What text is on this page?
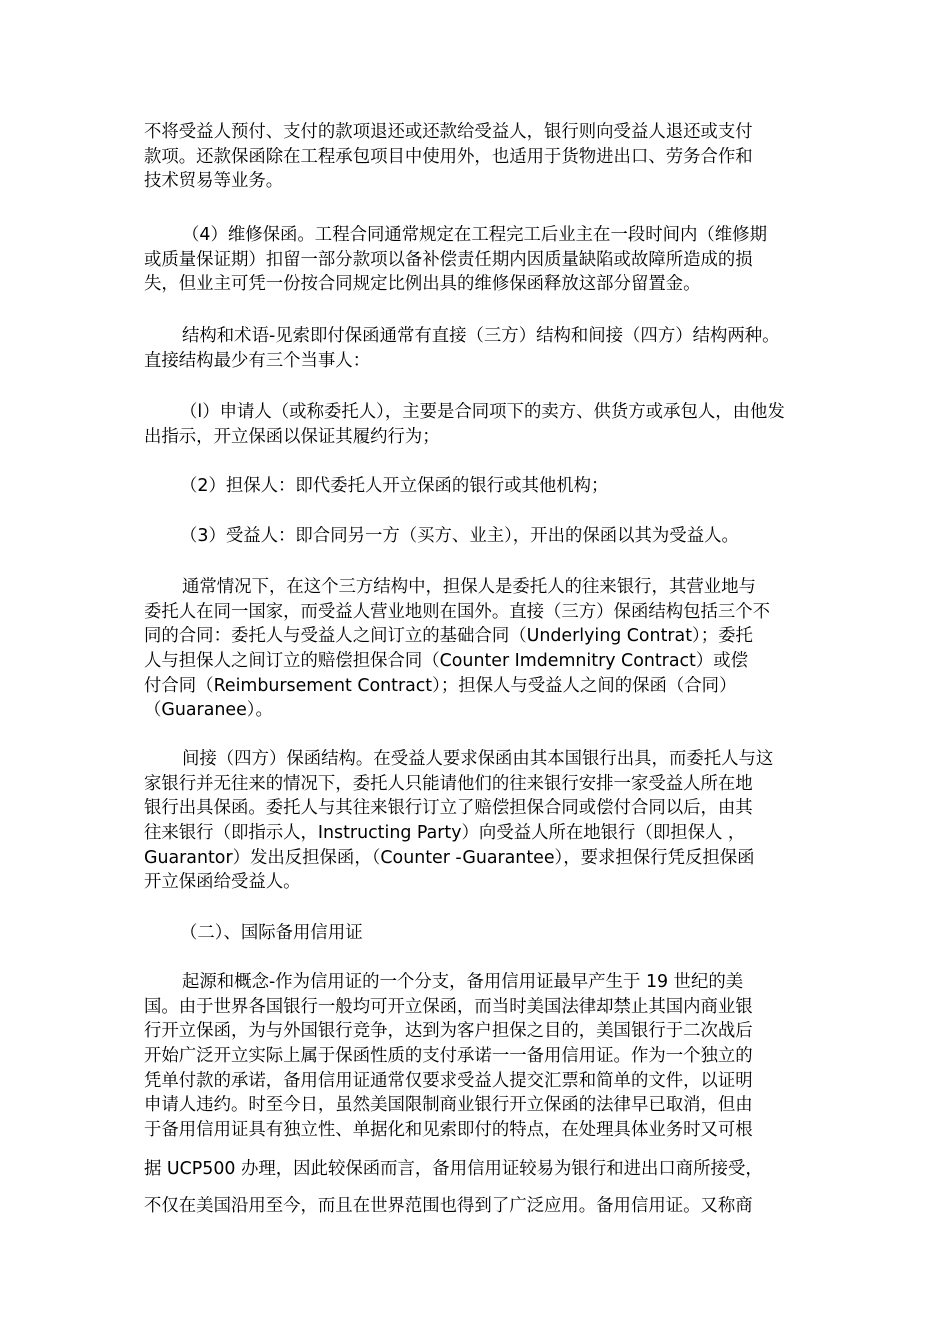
不将受益人预付、支付的款项退还或还款给受益人，银行则向受益人退还或支付
款项。还款保函除在工程承包项目中使用外，也适用于货物进出口、劳务合作和
技术贸易等业务。
（4）维修保函。工程合同通常规定在工程完工后业主在一段时间内（维修期
或质量保证期）扣留一部分款项以备补偿责任期内因质量缺陷或故障所造成的损
失，但业主可凭一份按合同规定比例出具的维修保函释放这部分留置金。
结构和术语-见索即付保函通常有直接（三方）结构和间接（四方）结构两种。
直接结构最少有三个当事人：
（l）申请人（或称委托人），主要是合同项下的卖方、供货方或承包人，由他发
出指示，开立保函以保证其履约行为；
（2）担保人：即代委托人开立保函的银行或其他机构；
（3）受益人：即合同另一方（买方、业主），开出的保函以其为受益人。
通常情况下，在这个三方结构中，担保人是委托人的往来银行，其营业地与
委托人在同一国家，而受益人营业地则在国外。直接（三方）保函结构包括三个不
同的合同：委托人与受益人之间订立的基础合同（Underlying Contrat）；委托
人与担保人之间订立的赔偿担保合同（Counter Imdemnitry Contract）或偿
付合同（Reimbursement Contract）；担保人与受益人之间的保函（合同）
（Guaranee）。
间接（四方）保函结构。在受益人要求保函由其本国银行出具，而委托人与这
家银行并无往来的情况下，委托人只能请他们的往来银行安排一家受益人所在地
银行出具保函。委托人与其往来银行订立了赔偿担保合同或偿付合同以后，由其
往来银行（即指示人，Instructing Party）向受益人所在地银行（即担保人 ，
Guarantor）发出反担保函，（Counter -Guarantee），要求担保行凭反担保函
开立保函给受益人。
（二）、国际备用信用证
起源和概念-作为信用证的一个分支，备用信用证最早产生于 19 世纪的美
国。由于世界各国银行一般均可开立保函，而当时美国法律却禁止其国内商业银
行开立保函，为与外国银行竞争，达到为客户担保之目的，美国银行于二次战后
开始广泛开立实际上属于保函性质的支付承诺一一备用信用证。作为一个独立的
凭单付款的承诺，备用信用证通常仅要求受益人提交汇票和简单的文件，以证明
申请人违约。时至今日，虽然美国限制商业银行开立保函的法律早已取消，但由
于备用信用证具有独立性、单据化和见索即付的特点，在处理具体业务时又可根
据 UCP500 办理，因此较保函而言，备用信用证较易为银行和进出口商所接受，
不仅在美国沿用至今，而且在世界范围也得到了广泛应用。备用信用证。又称商
